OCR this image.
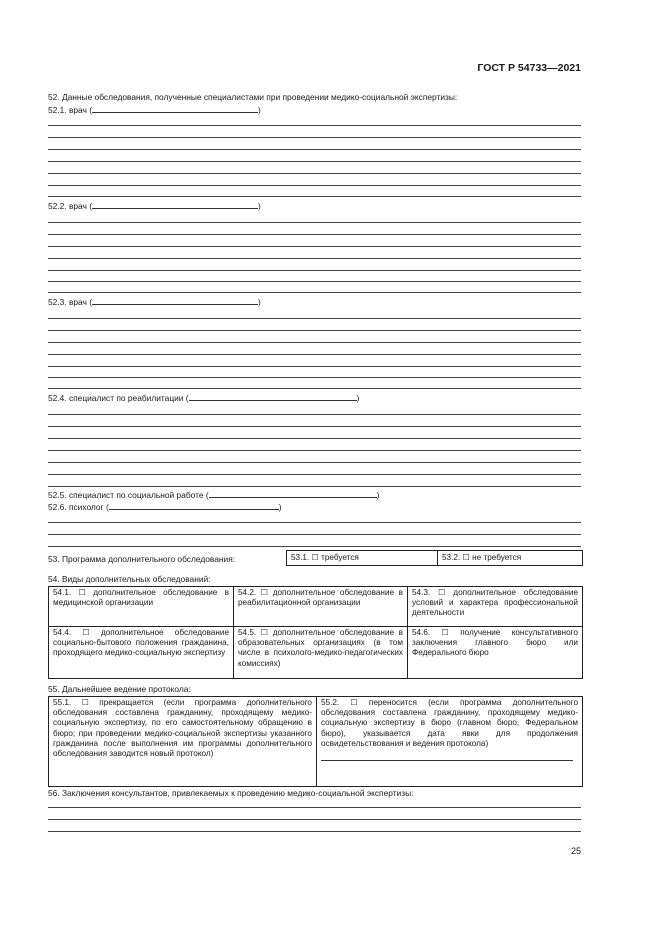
ГОСТ Р 54733—2021
52. Данные обследования, полученные специалистами при проведении медико-социальной экспертизы:
52.1. врач (	)
52.2. врач (	)
52.3. врач (	)
52.4. специалист по реабилитации (	)
52.5. специалист по социальной работе (	)
52.6. психолог (	)
53. Программа дополнительного обследования:	53.1. ☐ требуется	53.2. ☐ не требуется
54. Виды дополнительных обследований:
54.1. ☐ дополнительное обследование в медицинской организации	54.2. ☐ дополнительное обследование в реабилитационной организации	54.3. ☐ дополнительное обследование условий и характера профессиональной деятельности
54.4. ☐ дополнительное обследование социально-бытового положения гражданина, проходящего медико-социальную экспертизу	54.5. ☐ дополнительное обследование в образовательных организациях (в том числе в психолого-медико-педагогических комиссиях)	54.6. ☐ получение консультативного заключения главного бюро или Федерального бюро
55. Дальнейшее ведение протокола:
55.1. ☐ прекращается (если программа дополнительного обследования составлена гражданину, проходящему медико-социальную экспертизу, по его самостоятельному обращению в бюро; при проведении медико-социальной экспертизы указанного гражданина после выполнения им программы дополнительного обследования заводится новый протокол)	55.2. ☐ переносится (если программа дополнительного обследования составлена гражданину, проходящему медико-социальную экспертизу в бюро (главном бюро, Федеральном бюро), указывается дата явки для продолжения освидетельствования и ведения протокола)
56. Заключения консультантов, привлекаемых к проведению медико-социальной экспертизы:
25
